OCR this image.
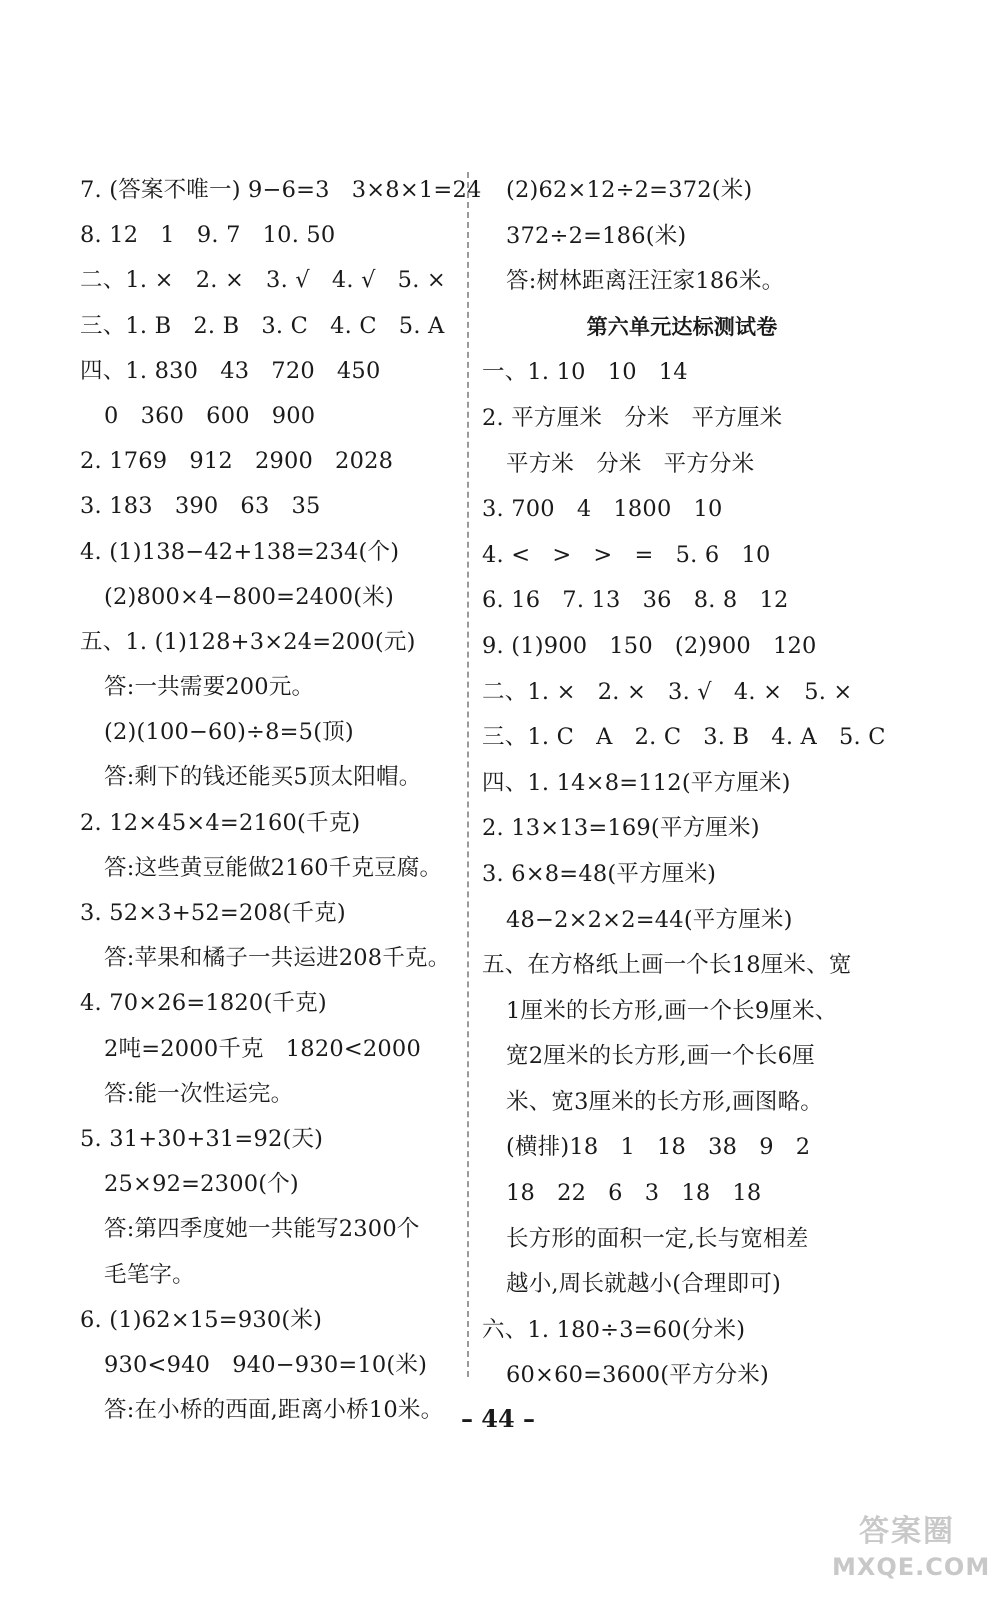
7. (答案不唯一) 9−6=3   3×8×1=24
8. 12   1   9. 7   10. 50
二、1. ×   2. ×   3. √   4. √   5. ×
三、1. B   2. B   3. C   4. C   5. A
四、1. 830   43   720   450
0   360   600   900
2. 1769   912   2900   2028
3. 183   390   63   35
4. (1)138−42+138=234(个)
(2)800×4−800=2400(米)
五、1. (1)128+3×24=200(元)
答:一共需要200元。
(2)(100−60)÷8=5(顶)
答:剩下的钱还能买5顶太阳帽。
2. 12×45×4=2160(千克)
答:这些黄豆能做2160千克豆腐。
3. 52×3+52=208(千克)
答:苹果和橘子一共运进208千克。
4. 70×26=1820(千克)
2吨=2000千克   1820<2000
答:能一次性运完。
5. 31+30+31=92(天)
25×92=2300(个)
答:第四季度她一共能写2300个
毛笔字。
6. (1)62×15=930(米)
930<940   940−930=10(米)
答:在小桥的西面,距离小桥10米。
(2)62×12÷2=372(米)
372÷2=186(米)
答:树林距离汪汪家186米。
第六单元达标测试卷
一、1. 10   10   14
2. 平方厘米   分米   平方厘米
平方米   分米   平方分米
3. 700   4   1800   10
4. <   >   >   =   5. 6   10
6. 16   7. 13   36   8. 8   12
9. (1)900   150   (2)900   120
二、1. ×   2. ×   3. √   4. ×   5. ×
三、1. C   A   2. C   3. B   4. A   5. C
四、1. 14×8=112(平方厘米)
2. 13×13=169(平方厘米)
3. 6×8=48(平方厘米)
48−2×2×2=44(平方厘米)
五、在方格纸上画一个长18厘米、宽
1厘米的长方形,画一个长9厘米、
宽2厘米的长方形,画一个长6厘
米、宽3厘米的长方形,画图略。
(横排)18   1   18   38   9   2
18   22   6   3   18   18
长方形的面积一定,长与宽相差
越小,周长就越小(合理即可)
六、1. 180÷3=60(分米)
60×60=3600(平方分米)
– 44 –
答案圈
MXQE.COM
